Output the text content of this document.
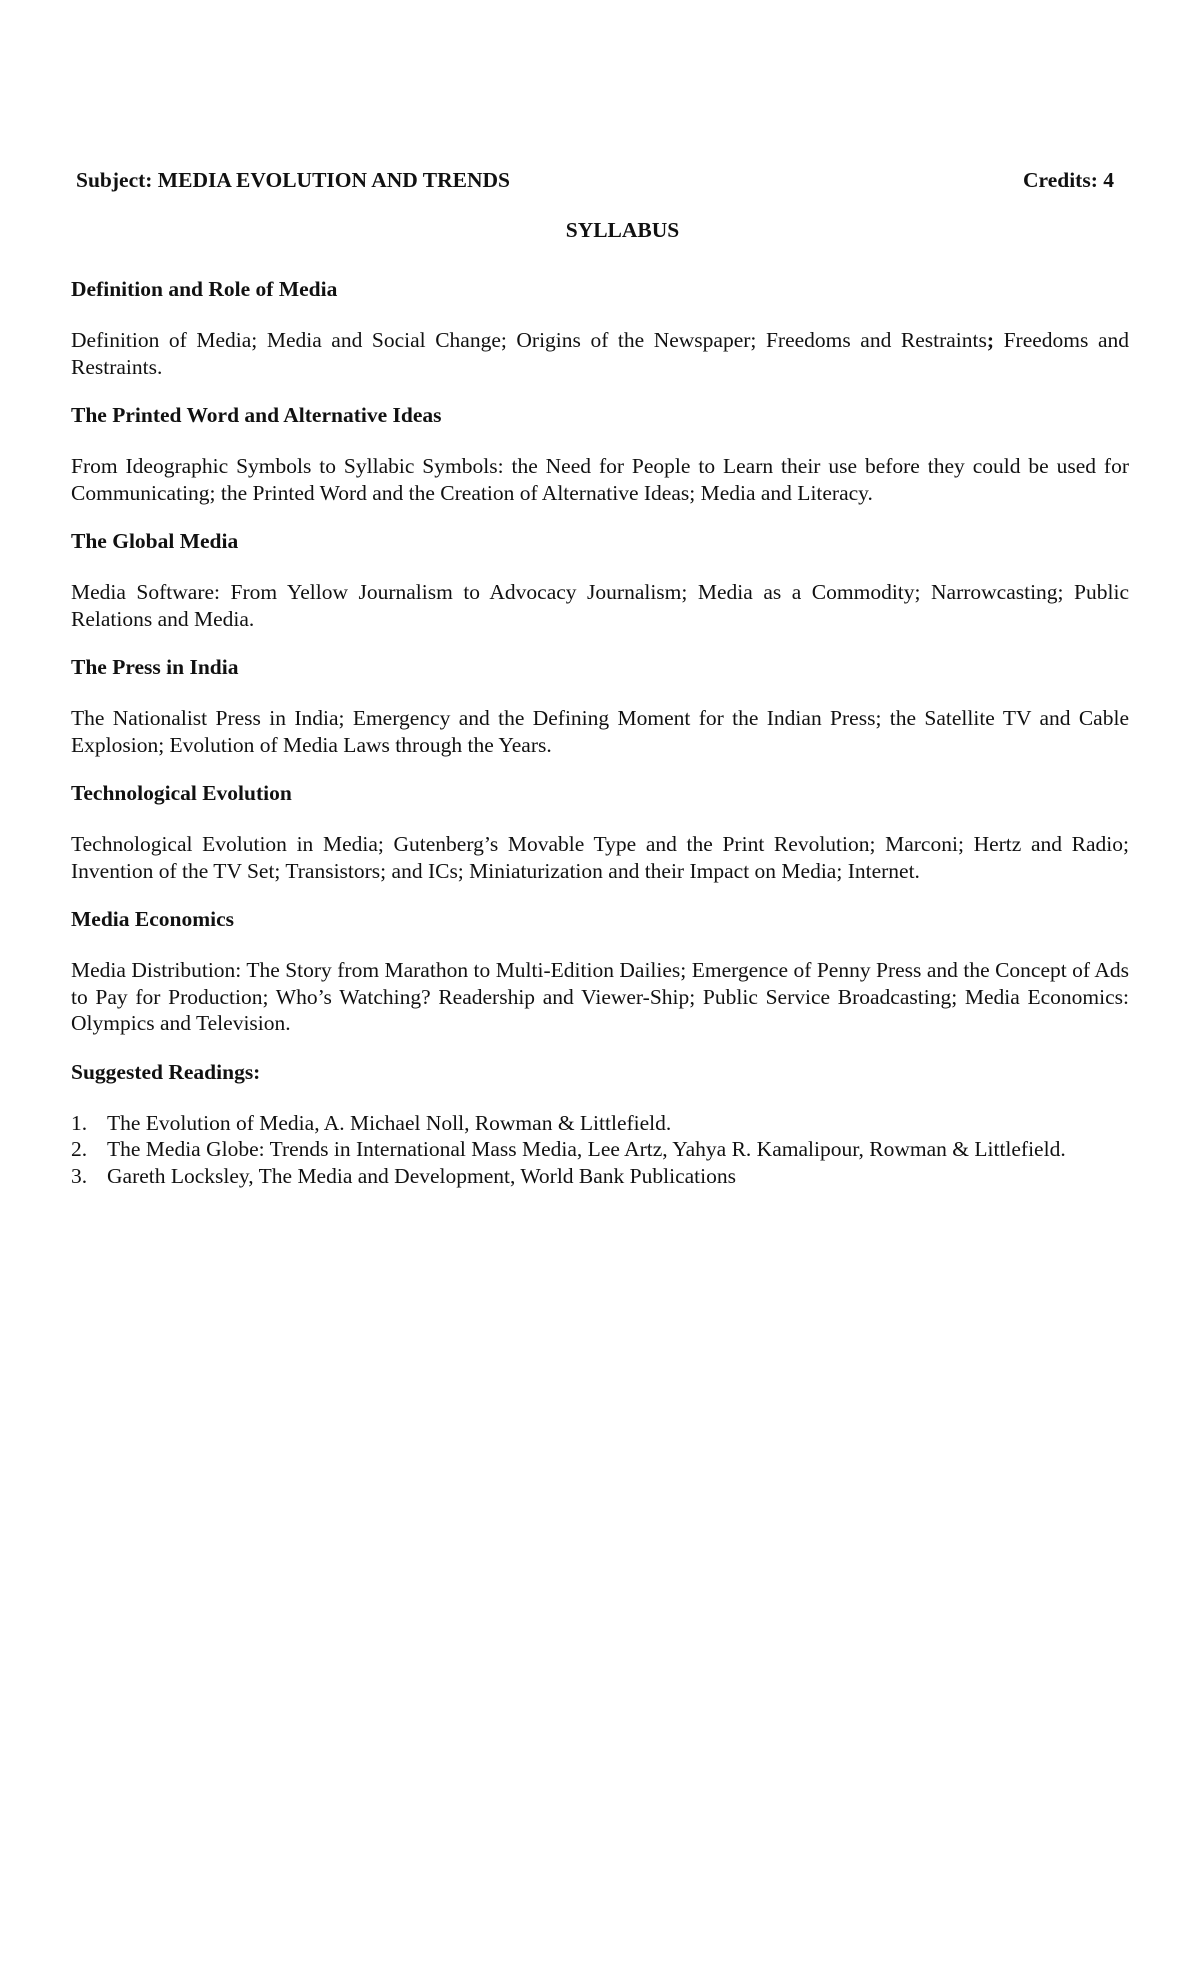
Subject: MEDIA EVOLUTION AND TRENDS	Credits: 4
SYLLABUS
Definition and Role of Media
Definition of Media; Media and Social Change; Origins of the Newspaper; Freedoms and Restraints; Freedoms and Restraints.
The Printed Word and Alternative Ideas
From Ideographic Symbols to Syllabic Symbols: the Need for People to Learn their use before they could be used for Communicating; the Printed Word and the Creation of Alternative Ideas; Media and Literacy.
The Global Media
Media Software: From Yellow Journalism to Advocacy Journalism; Media as a Commodity; Narrowcasting; Public Relations and Media.
The Press in India
The Nationalist Press in India; Emergency and the Defining Moment for the Indian Press; the Satellite TV and Cable Explosion; Evolution of Media Laws through the Years.
Technological Evolution
Technological Evolution in Media; Gutenberg’s Movable Type and the Print Revolution; Marconi; Hertz and Radio; Invention of the TV Set; Transistors; and ICs; Miniaturization and their Impact on Media; Internet.
Media Economics
Media Distribution: The Story from Marathon to Multi-Edition Dailies; Emergence of Penny Press and the Concept of Ads to Pay for Production; Who’s Watching? Readership and Viewer-Ship; Public Service Broadcasting; Media Economics: Olympics and Television.
Suggested Readings:
1. The Evolution of Media, A. Michael Noll, Rowman & Littlefield.
2. The Media Globe: Trends in International Mass Media, Lee Artz, Yahya R. Kamalipour, Rowman & Littlefield.
3. Gareth Locksley, The Media and Development, World Bank Publications
